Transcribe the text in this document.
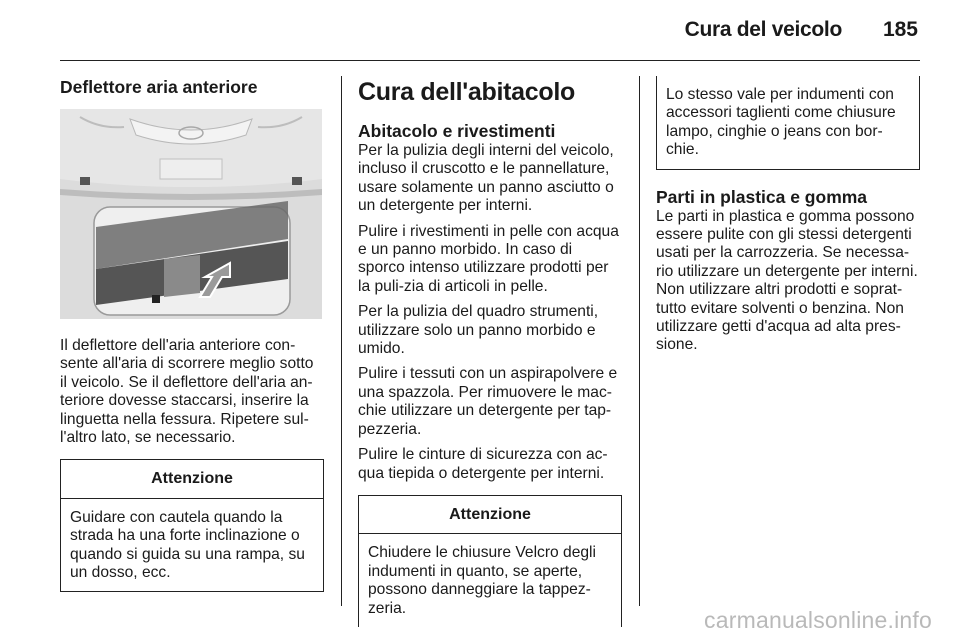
Cura del veicolo 185
Deflettore aria anteriore

Il deflettore dell'aria anteriore con-sente all'aria di scorrere meglio sotto il veicolo. Se il deflettore dell'aria an-teriore dovesse staccarsi, inserire la linguetta nella fessura. Ripetere sul-l'altro lato, se necessario.

Attenzione
Guidare con cautela quando la strada ha una forte inclinazione o quando si guida su una rampa, su un dosso, ecc.
Cura dell'abitacolo
Abitacolo e rivestimenti

Per la pulizia degli interni del veicolo, incluso il cruscotto e le pannellature, usare solamente un panno asciutto o un detergente per interni.

Pulire i rivestimenti in pelle con acqua e un panno morbido. In caso di sporco intenso utilizzare prodotti per la puli-zia di articoli in pelle.

Per la pulizia del quadro strumenti, utilizzare solo un panno morbido e umido.

Pulire i tessuti con un aspirapolvere e una spazzola. Per rimuovere le mac-chie utilizzare un detergente per tap-pezzeria.

Pulire le cinture di sicurezza con ac-qua tiepida o detergente per interni.

Attenzione
Chiudere le chiusure Velcro degli indumenti in quanto, se aperte, possono danneggiare la tappez-zeria.
Lo stesso vale per indumenti con accessori taglienti come chiusure lampo, cinghie o jeans con bor-chie.
Parti in plastica e gomma

Le parti in plastica e gomma possono essere pulite con gli stessi detergenti usati per la carrozzeria. Se necessa-rio utilizzare un detergente per interni. Non utilizzare altri prodotti e soprat-tutto evitare solventi o benzina. Non utilizzare getti d'acqua ad alta pres-sione.

carmanualsonline.info
